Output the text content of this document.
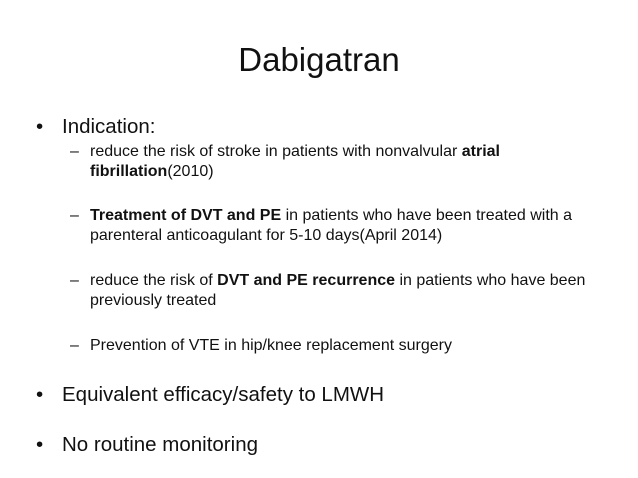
Dabigatran
• Indication:
– reduce the risk of stroke in patients with nonvalvular atrial fibrillation(2010)
– Treatment of DVT and PE in patients who have been treated with a parenteral anticoagulant for 5-10 days(April 2014)
– reduce the risk of DVT and PE recurrence in patients who have been previously treated
– Prevention of VTE in hip/knee replacement surgery
• Equivalent efficacy/safety to LMWH
• No routine monitoring
